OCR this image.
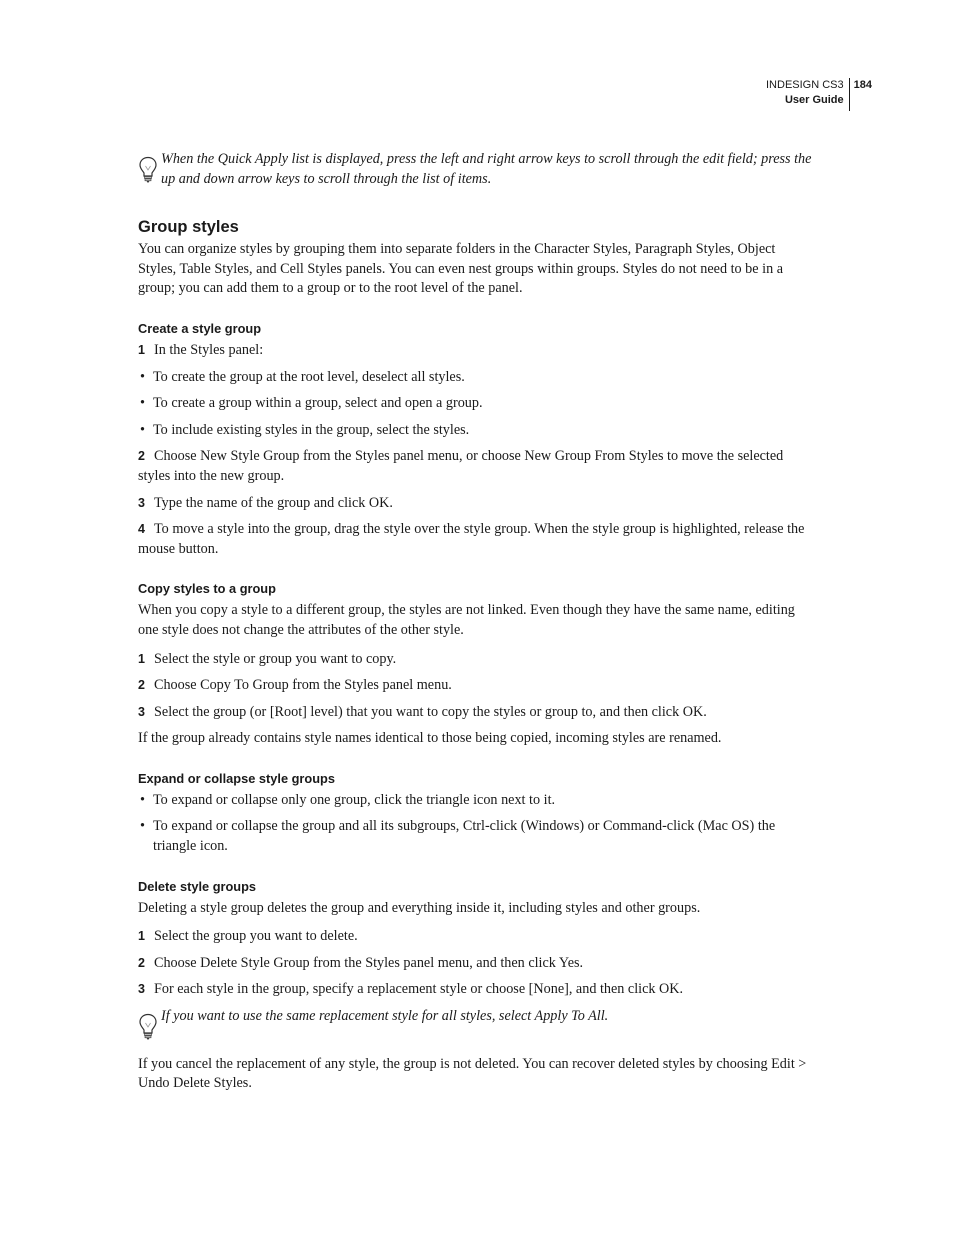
INDESIGN CS3
User Guide
184

When the Quick Apply list is displayed, press the left and right arrow keys to scroll through the edit field; press the up and down arrow keys to scroll through the list of items.

Group styles

You can organize styles by grouping them into separate folders in the Character Styles, Paragraph Styles, Object Styles, Table Styles, and Cell Styles panels. You can even nest groups within groups. Styles do not need to be in a group; you can add them to a group or to the root level of the panel.

Create a style group
1 In the Styles panel:
• To create the group at the root level, deselect all styles.
• To create a group within a group, select and open a group.
• To include existing styles in the group, select the styles.
2 Choose New Style Group from the Styles panel menu, or choose New Group From Styles to move the selected styles into the new group.
3 Type the name of the group and click OK.
4 To move a style into the group, drag the style over the style group. When the style group is highlighted, release the mouse button.
Copy styles to a group

When you copy a style to a different group, the styles are not linked. Even though they have the same name, editing one style does not change the attributes of the other style.

1 Select the style or group you want to copy.
2 Choose Copy To Group from the Styles panel menu.
3 Select the group (or [Root] level) that you want to copy the styles or group to, and then click OK.

If the group already contains style names identical to those being copied, incoming styles are renamed.

Expand or collapse style groups
• To expand or collapse only one group, click the triangle icon next to it.
• To expand or collapse the group and all its subgroups, Ctrl-click (Windows) or Command-click (Mac OS) the triangle icon.
Delete style groups

Deleting a style group deletes the group and everything inside it, including styles and other groups.

1 Select the group you want to delete.
2 Choose Delete Style Group from the Styles panel menu, and then click Yes.
3 For each style in the group, specify a replacement style or choose [None], and then click OK.

If you want to use the same replacement style for all styles, select Apply To All.

If you cancel the replacement of any style, the group is not deleted. You can recover deleted styles by choosing Edit > Undo Delete Styles.
